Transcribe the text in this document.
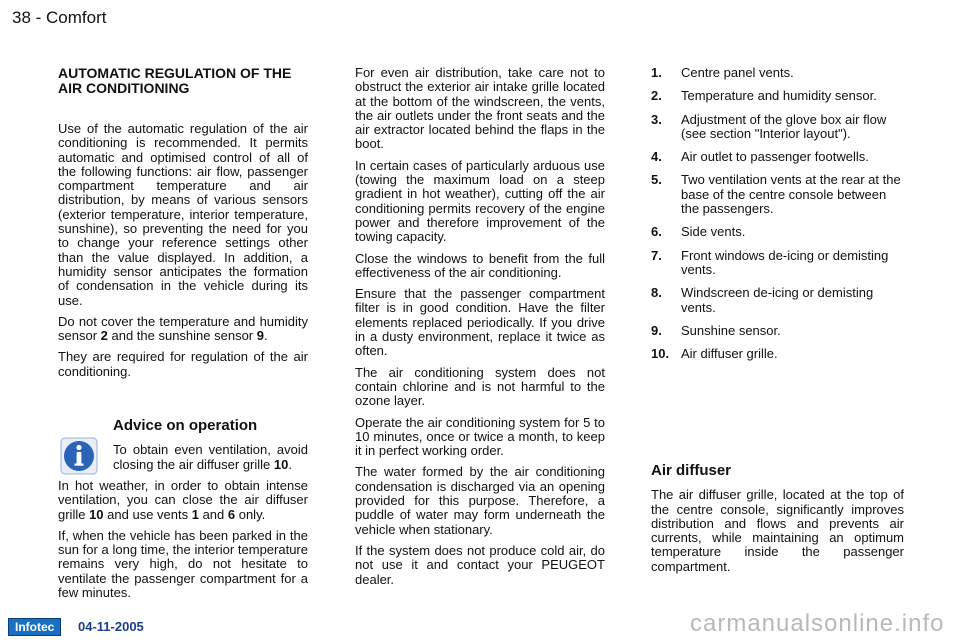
38 - Comfort
AUTOMATIC REGULATION OF THE AIR CONDITIONING

Use of the automatic regulation of the air conditioning is recommended. It permits automatic and optimised control of all of the following functions: air flow, passenger compartment temperature and air distribution, by means of various sensors (exterior temperature, interior temperature, sunshine), so preventing the need for you to change your reference settings other than the value displayed. In addition, a humidity sensor anticipates the formation of condensation in the vehicle during its use.

Do not cover the temperature and humidity sensor 2 and the sunshine sensor 9.

They are required for regulation of the air conditioning.

Advice on operation

To obtain even ventilation, avoid closing the air diffuser grille 10.

In hot weather, in order to obtain intense ventilation, you can close the air diffuser grille 10 and use vents 1 and 6 only.

If, when the vehicle has been parked in the sun for a long time, the interior temperature remains very high, do not hesitate to ventilate the passenger compartment for a few minutes.

For even air distribution, take care not to obstruct the exterior air intake grille located at the bottom of the windscreen, the vents, the air outlets under the front seats and the air extractor located behind the flaps in the boot.

In certain cases of particularly arduous use (towing the maximum load on a steep gradient in hot weather), cutting off the air conditioning permits recovery of the engine power and therefore improvement of the towing capacity.

Close the windows to benefit from the full effectiveness of the air conditioning.

Ensure that the passenger compartment filter is in good condition. Have the filter elements replaced periodically. If you drive in a dusty environment, replace it twice as often.

The air conditioning system does not contain chlorine and is not harmful to the ozone layer.

Operate the air conditioning system for 5 to 10 minutes, once or twice a month, to keep it in perfect working order.

The water formed by the air conditioning condensation is discharged via an opening provided for this purpose. Therefore, a puddle of water may form underneath the vehicle when stationary.

If the system does not produce cold air, do not use it and contact your PEUGEOT dealer.

1.	Centre panel vents.
2.	Temperature and humidity sensor.
3.	Adjustment of the glove box air flow (see section "Interior layout").
4.	Air outlet to passenger footwells.
5.	Two ventilation vents at the rear at the base of the centre console between the passengers.
6.	Side vents.
7.	Front windows de-icing or demisting vents.
8.	Windscreen de-icing or demisting vents.
9.	Sunshine sensor.
10. Air diffuser grille.
Air diffuser

The air diffuser grille, located at the top of the centre console, significantly improves distribution and flows and prevents air currents, while maintaining an optimum temperature inside the passenger compartment.

Infotec	04-11-2005	carmanualsonline.info
